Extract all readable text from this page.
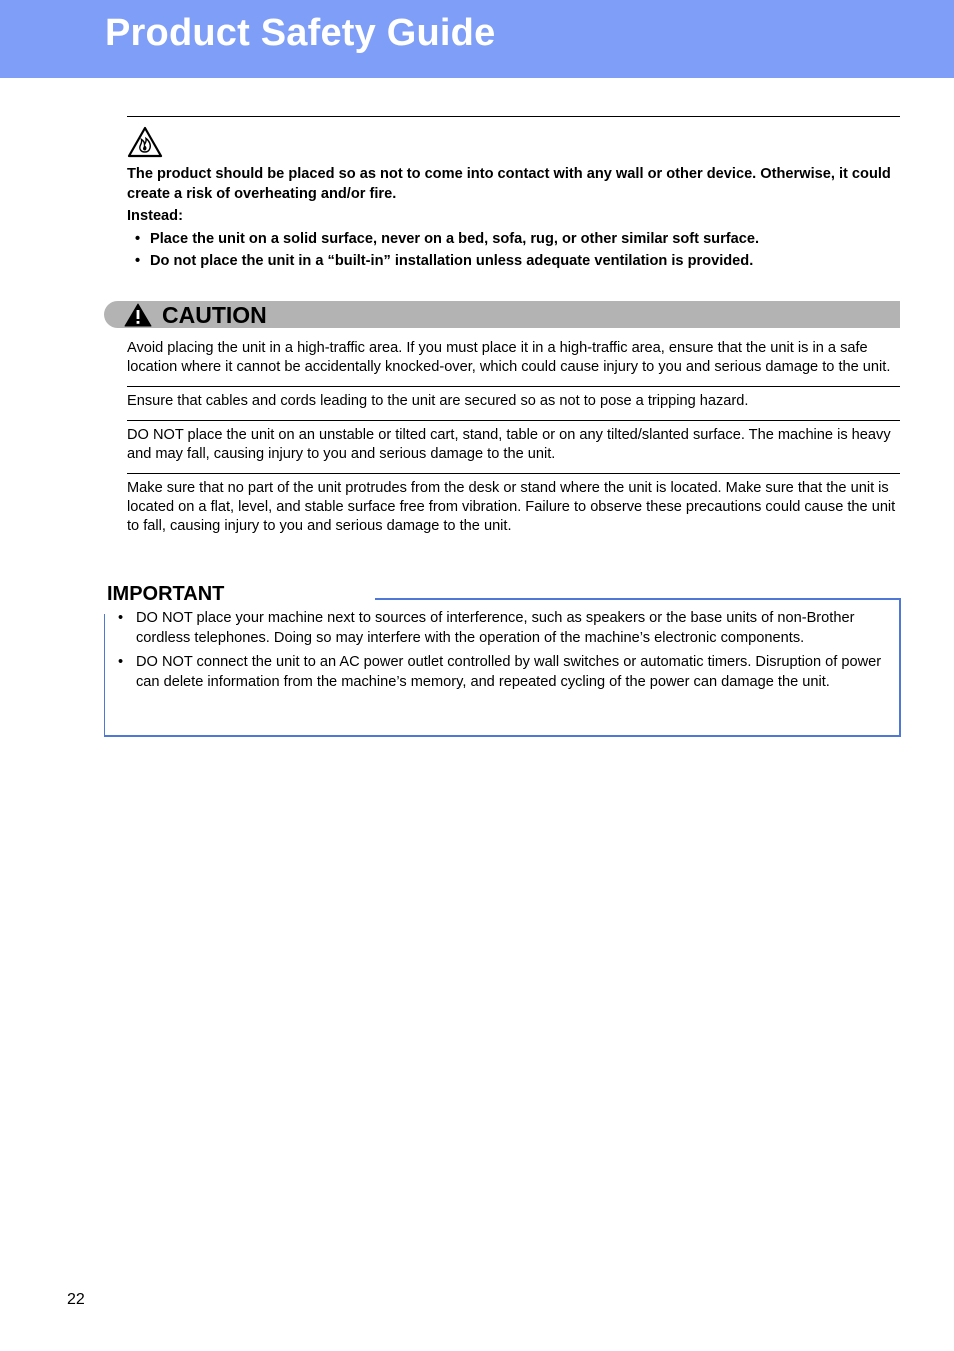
Product Safety Guide

The product should be placed so as not to come into contact with any wall or other device. Otherwise, it could create a risk of overheating and/or fire.

Instead:

• Place the unit on a solid surface, never on a bed, sofa, rug, or other similar soft surface.
• Do not place the unit in a “built-in” installation unless adequate ventilation is provided.
CAUTION
Avoid placing the unit in a high-traffic area. If you must place it in a high-traffic area, ensure that the unit is in a safe location where it cannot be accidentally knocked-over, which could cause injury to you and serious damage to the unit.
Ensure that cables and cords leading to the unit are secured so as not to pose a tripping hazard.
DO NOT place the unit on an unstable or tilted cart, stand, table or on any tilted/slanted surface. The machine is heavy and may fall, causing injury to you and serious damage to the unit.
Make sure that no part of the unit protrudes from the desk or stand where the unit is located. Make sure that the unit is located on a flat, level, and stable surface free from vibration. Failure to observe these precautions could cause the unit to fall, causing injury to you and serious damage to the unit.
IMPORTANT
• DO NOT place your machine next to sources of interference, such as speakers or the base units of non-Brother cordless telephones. Doing so may interfere with the operation of the machine’s electronic components.
• DO NOT connect the unit to an AC power outlet controlled by wall switches or automatic timers. Disruption of power can delete information from the machine’s memory, and repeated cycling of the power can damage the unit.
22
